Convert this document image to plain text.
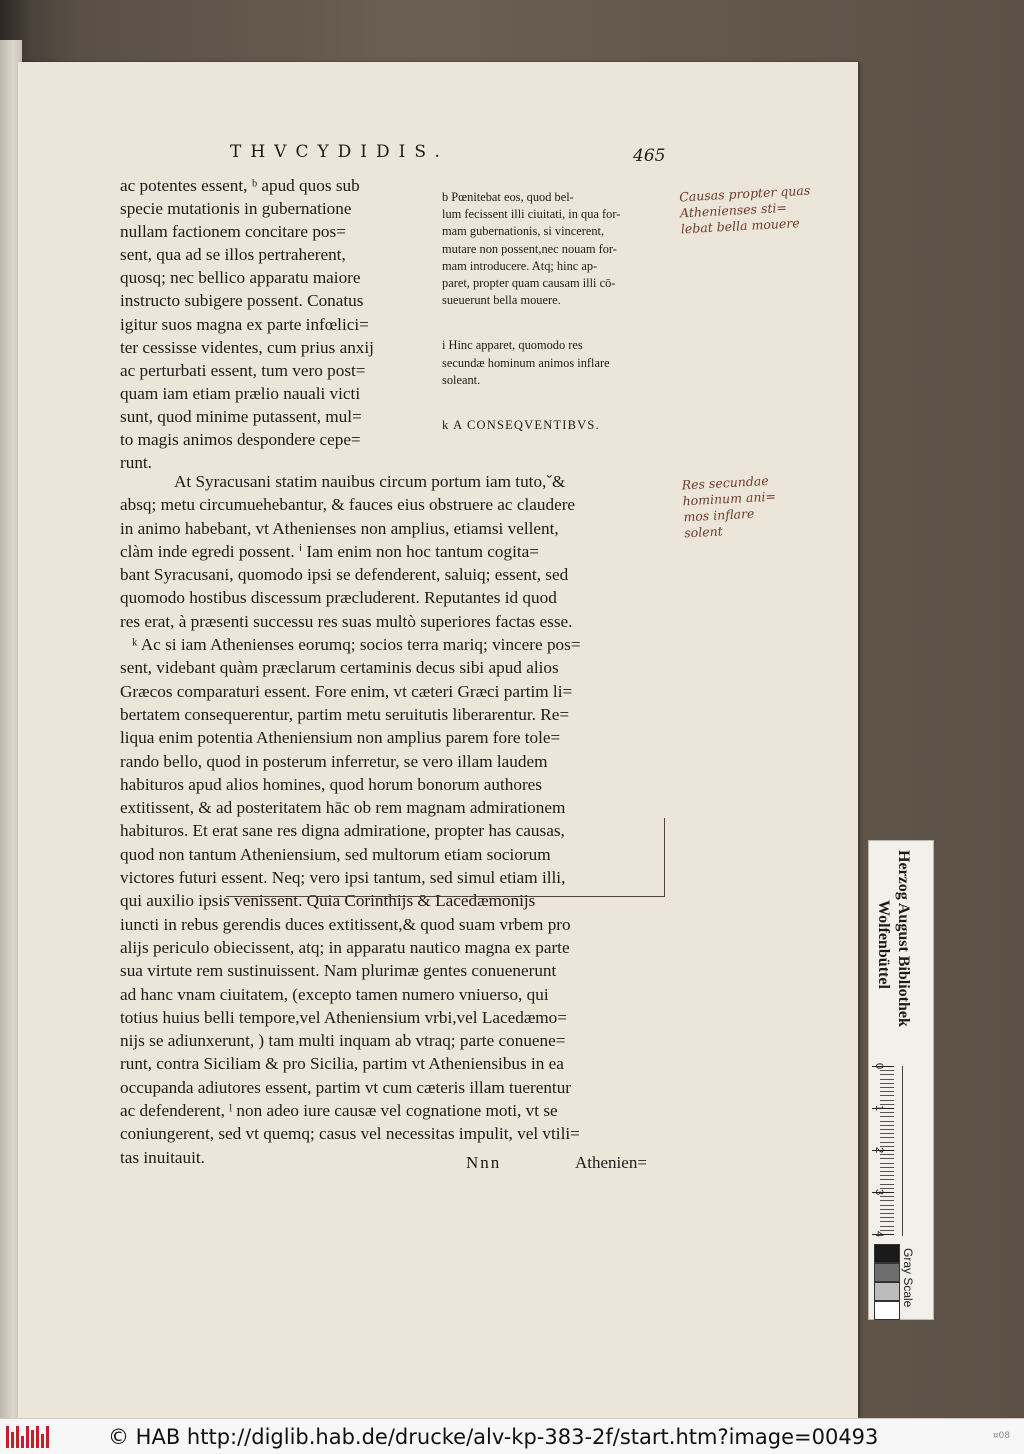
THVCYDIDIS.	465
ac potentes essent, ᵇ apud quos sub
specie mutationis in gubernatione
nullam factionem concitare pos=
sent, qua ad se illos pertraherent,
quosq; nec bellico apparatu maiore
instructo subigere possent. Conatus
igitur suos magna ex parte infœlici=
ter cessisse videntes, cum prius anxij
ac perturbati essent, tum vero post=
quam iam etiam prælio nauali victi
sunt, quod minime putassent, mul=
to magis animos despondere cepe=
runt.
b Pœnitebat eos, quod bel-
lum fecissent illi ciuitati, in qua for-
mam gubernationis, si vincerent,
mutare non possent,nec nouam for-
mam introducere. Atq; hinc ap-
paret, propter quam causam illi cō-
sueuerunt bella mouere.
i Hinc apparet, quomodo res
secundæ hominum animos inflare
soleant.
k A CONSEQVENTIBVS.
At Syracusani statim nauibus circum portum iam tuto,ˇ&
absq; metu circumuehebantur, & fauces eius obstruere ac claudere
in animo habebant, vt Athenienses non amplius, etiamsi vellent,
clàm inde egredi possent. ⁱ Iam enim non hoc tantum cogita=
bant Syracusani, quomodo ipsi se defenderent, saluiq; essent, sed
quomodo hostibus discessum præcluderent. Reputantes id quod
res erat, à præsenti successu res suas multò superiores factas esse.
ᵏ Ac si iam Athenienses eorumq; socios terra mariq; vincere pos=
sent, videbant quàm præclarum certaminis decus sibi apud alios
Græcos comparaturi essent. Fore enim, vt cæteri Græci partim li=
bertatem consequerentur, partim metu seruitutis liberarentur. Re=
liqua enim potentia Atheniensium non amplius parem fore tole=
rando bello, quod in posterum inferretur, se vero illam laudem
habituros apud alios homines, quod horum bonorum authores
extitissent, & ad posteritatem hāc ob rem magnam admirationem
habituros. Et erat sane res digna admiratione, propter has causas,
quod non tantum Atheniensium, sed multorum etiam sociorum
victores futuri essent. Neq; vero ipsi tantum, sed simul etiam illi,
qui auxilio ipsis venissent. Quia Corinthijs & Lacedæmonijs
iuncti in rebus gerendis duces extitissent,& quod suam vrbem pro
alijs periculo obiecissent, atq; in apparatu nautico magna ex parte
sua virtute rem sustinuissent. Nam plurimæ gentes conuenerunt
ad hanc vnam ciuitatem, (excepto tamen numero vniuerso, qui
totius huius belli tempore,vel Atheniensium vrbi,vel Lacedæmo=
nijs se adiunxerunt, ) tam multi inquam ab vtraq; parte conuene=
runt, contra Siciliam & pro Sicilia, partim vt Atheniensibus in ea
occupanda adiutores essent, partim vt cum cæteris illam tuerentur
ac defenderent, ˡ non adeo iure causæ vel cognatione moti, vt se
coniungerent, sed vt quemq; casus vel necessitas impulit, vel vtili=
tas inuitauit.	Nnn	Athenien=
Causas propter quas
Athenienses sti=
lebat bella mouere
Res secundae
hominum ani=
mos inflare
solent
Herzog August Bibliothek
Wolfenbüttel
0
1
2
3
4
Gray Scale
© HAB http://diglib.hab.de/drucke/alv-kp-383-2f/start.htm?image=00493	¤08
